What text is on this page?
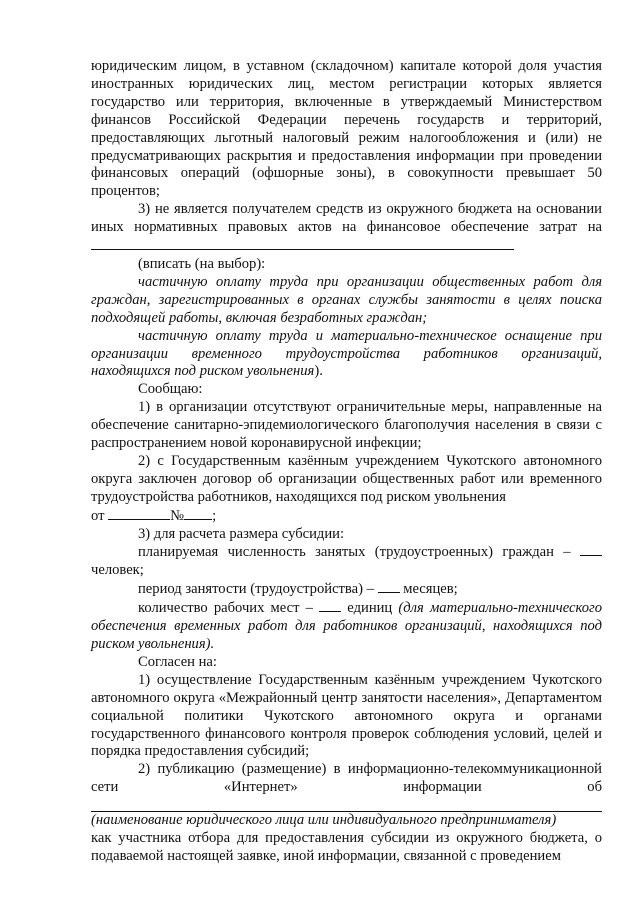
юридическим лицом, в уставном (складочном) капитале которой доля участия иностранных юридических лиц, местом регистрации которых является государство или территория, включенные в утверждаемый Министерством финансов Российской Федерации перечень государств и территорий, предоставляющих льготный налоговый режим налогообложения и (или) не предусматривающих раскрытия и предоставления информации при проведении финансовых операций (офшорные зоны), в совокупности превышает 50 процентов;

3) не является получателем средств из окружного бюджета на основании иных нормативных правовых актов на финансовое обеспечение затрат на

(вписать (на выбор):

частичную оплату труда при организации общественных работ для граждан, зарегистрированных в органах службы занятости в целях поиска подходящей работы, включая безработных граждан;

частичную оплату труда и материально-техническое оснащение при организации временного трудоустройства работников организаций, находящихся под риском увольнения).

Сообщаю:

1) в организации отсутствуют ограничительные меры, направленные на обеспечение санитарно-эпидемиологического благополучия населения в связи с распространением новой коронавирусной инфекции;

2) с Государственным казённым учреждением Чукотского автономного округа заключен договор об организации общественных работ или временного трудоустройства работников, находящихся под риском увольнения

от	№ ;

3) для расчета размера субсидии:

планируемая численность занятых (трудоустроенных) граждан –

человек;

период занятости (трудоустройства) – месяцев;

количество рабочих мест – единиц (для материально-технического обеспечения временных работ для работников организаций, находящихся под риском увольнения).

Согласен на:

1) осуществление Государственным казённым учреждением Чукотского автономного округа «Межрайонный центр занятости населения», Департаментом социальной политики Чукотского автономного округа и органами государственного финансового контроля проверок соблюдения условий, целей и порядка предоставления субсидий;

2) публикацию (размещение) в информационно-телекоммуникационной сети «Интернет» информации об

(наименование юридического лица или индивидуального предпринимателя)

как участника отбора для предоставления субсидии из окружного бюджета, о подаваемой настоящей заявке, иной информации, связанной с проведением
